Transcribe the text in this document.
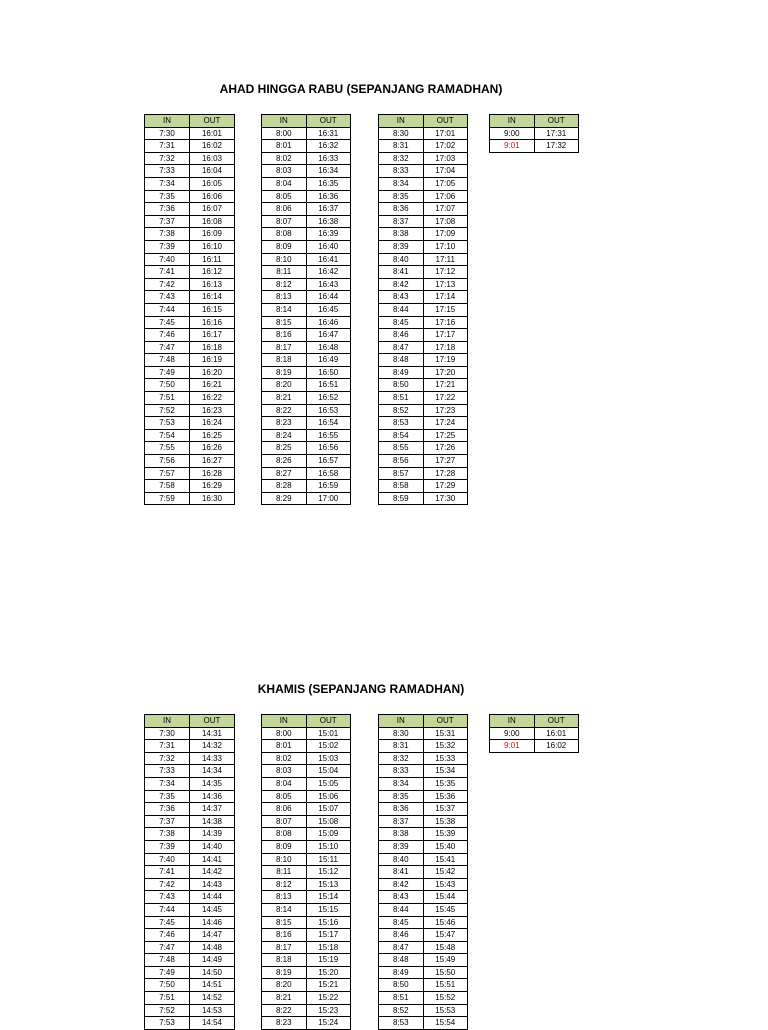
AHAD HINGGA RABU (SEPANJANG RAMADHAN)
IN	OUT
7:30	16:01
7:31	16:02
7:32	16:03
7:33	16:04
7:34	16:05
7:35	16:06
7:36	16:07
7:37	16:08
7:38	16:09
7:39	16:10
7:40	16:11
7:41	16:12
7:42	16:13
7:43	16:14
7:44	16:15
7:45	16:16
7:46	16:17
7:47	16:18
7:48	16:19
7:49	16:20
7:50	16:21
7:51	16:22
7:52	16:23
7:53	16:24
7:54	16:25
7:55	16:26
7:56	16:27
7:57	16:28
7:58	16:29
7:59	16:30
IN	OUT
8:00	16:31
8:01	16:32
8:02	16:33
8:03	16:34
8:04	16:35
8:05	16:36
8:06	16:37
8:07	16:38
8:08	16:39
8:09	16:40
8:10	16:41
8:11	16:42
8:12	16:43
8:13	16:44
8:14	16:45
8:15	16:46
8:16	16:47
8:17	16:48
8:18	16:49
8:19	16:50
8:20	16:51
8:21	16:52
8:22	16:53
8:23	16:54
8:24	16:55
8:25	16:56
8:26	16:57
8:27	16:58
8:28	16:59
8:29	17:00
IN	OUT
8:30	17:01
8:31	17:02
8:32	17:03
8:33	17:04
8:34	17:05
8:35	17:06
8:36	17:07
8:37	17:08
8:38	17:09
8:39	17:10
8:40	17:11
8:41	17:12
8:42	17:13
8:43	17:14
8:44	17:15
8:45	17:16
8:46	17:17
8:47	17:18
8:48	17:19
8:49	17:20
8:50	17:21
8:51	17:22
8:52	17:23
8:53	17:24
8:54	17:25
8:55	17:26
8:56	17:27
8:57	17:28
8:58	17:29
8:59	17:30
IN	OUT
9:00	17:31
9:01	17:32
KHAMIS (SEPANJANG RAMADHAN)
IN	OUT
7:30	14:31
7:31	14:32
7:32	14:33
7:33	14:34
7:34	14:35
7:35	14:36
7:36	14:37
7:37	14:38
7:38	14:39
7:39	14:40
7:40	14:41
7:41	14:42
7:42	14:43
7:43	14:44
7:44	14:45
7:45	14:46
7:46	14:47
7:47	14:48
7:48	14:49
7:49	14:50
7:50	14:51
7:51	14:52
7:52	14:53
7:53	14:54
IN	OUT
8:00	15:01
8:01	15:02
8:02	15:03
8:03	15:04
8:04	15:05
8:05	15:06
8:06	15:07
8:07	15:08
8:08	15:09
8:09	15:10
8:10	15:11
8:11	15:12
8:12	15:13
8:13	15:14
8:14	15:15
8:15	15:16
8:16	15:17
8:17	15:18
8:18	15:19
8:19	15:20
8:20	15:21
8:21	15:22
8:22	15:23
8:23	15:24
IN	OUT
8:30	15:31
8:31	15:32
8:32	15:33
8:33	15:34
8:34	15:35
8:35	15:36
8:36	15:37
8:37	15:38
8:38	15:39
8:39	15:40
8:40	15:41
8:41	15:42
8:42	15:43
8:43	15:44
8:44	15:45
8:45	15:46
8:46	15:47
8:47	15:48
8:48	15:49
8:49	15:50
8:50	15:51
8:51	15:52
8:52	15:53
8:53	15:54
IN	OUT
9:00	16:01
9:01	16:02
